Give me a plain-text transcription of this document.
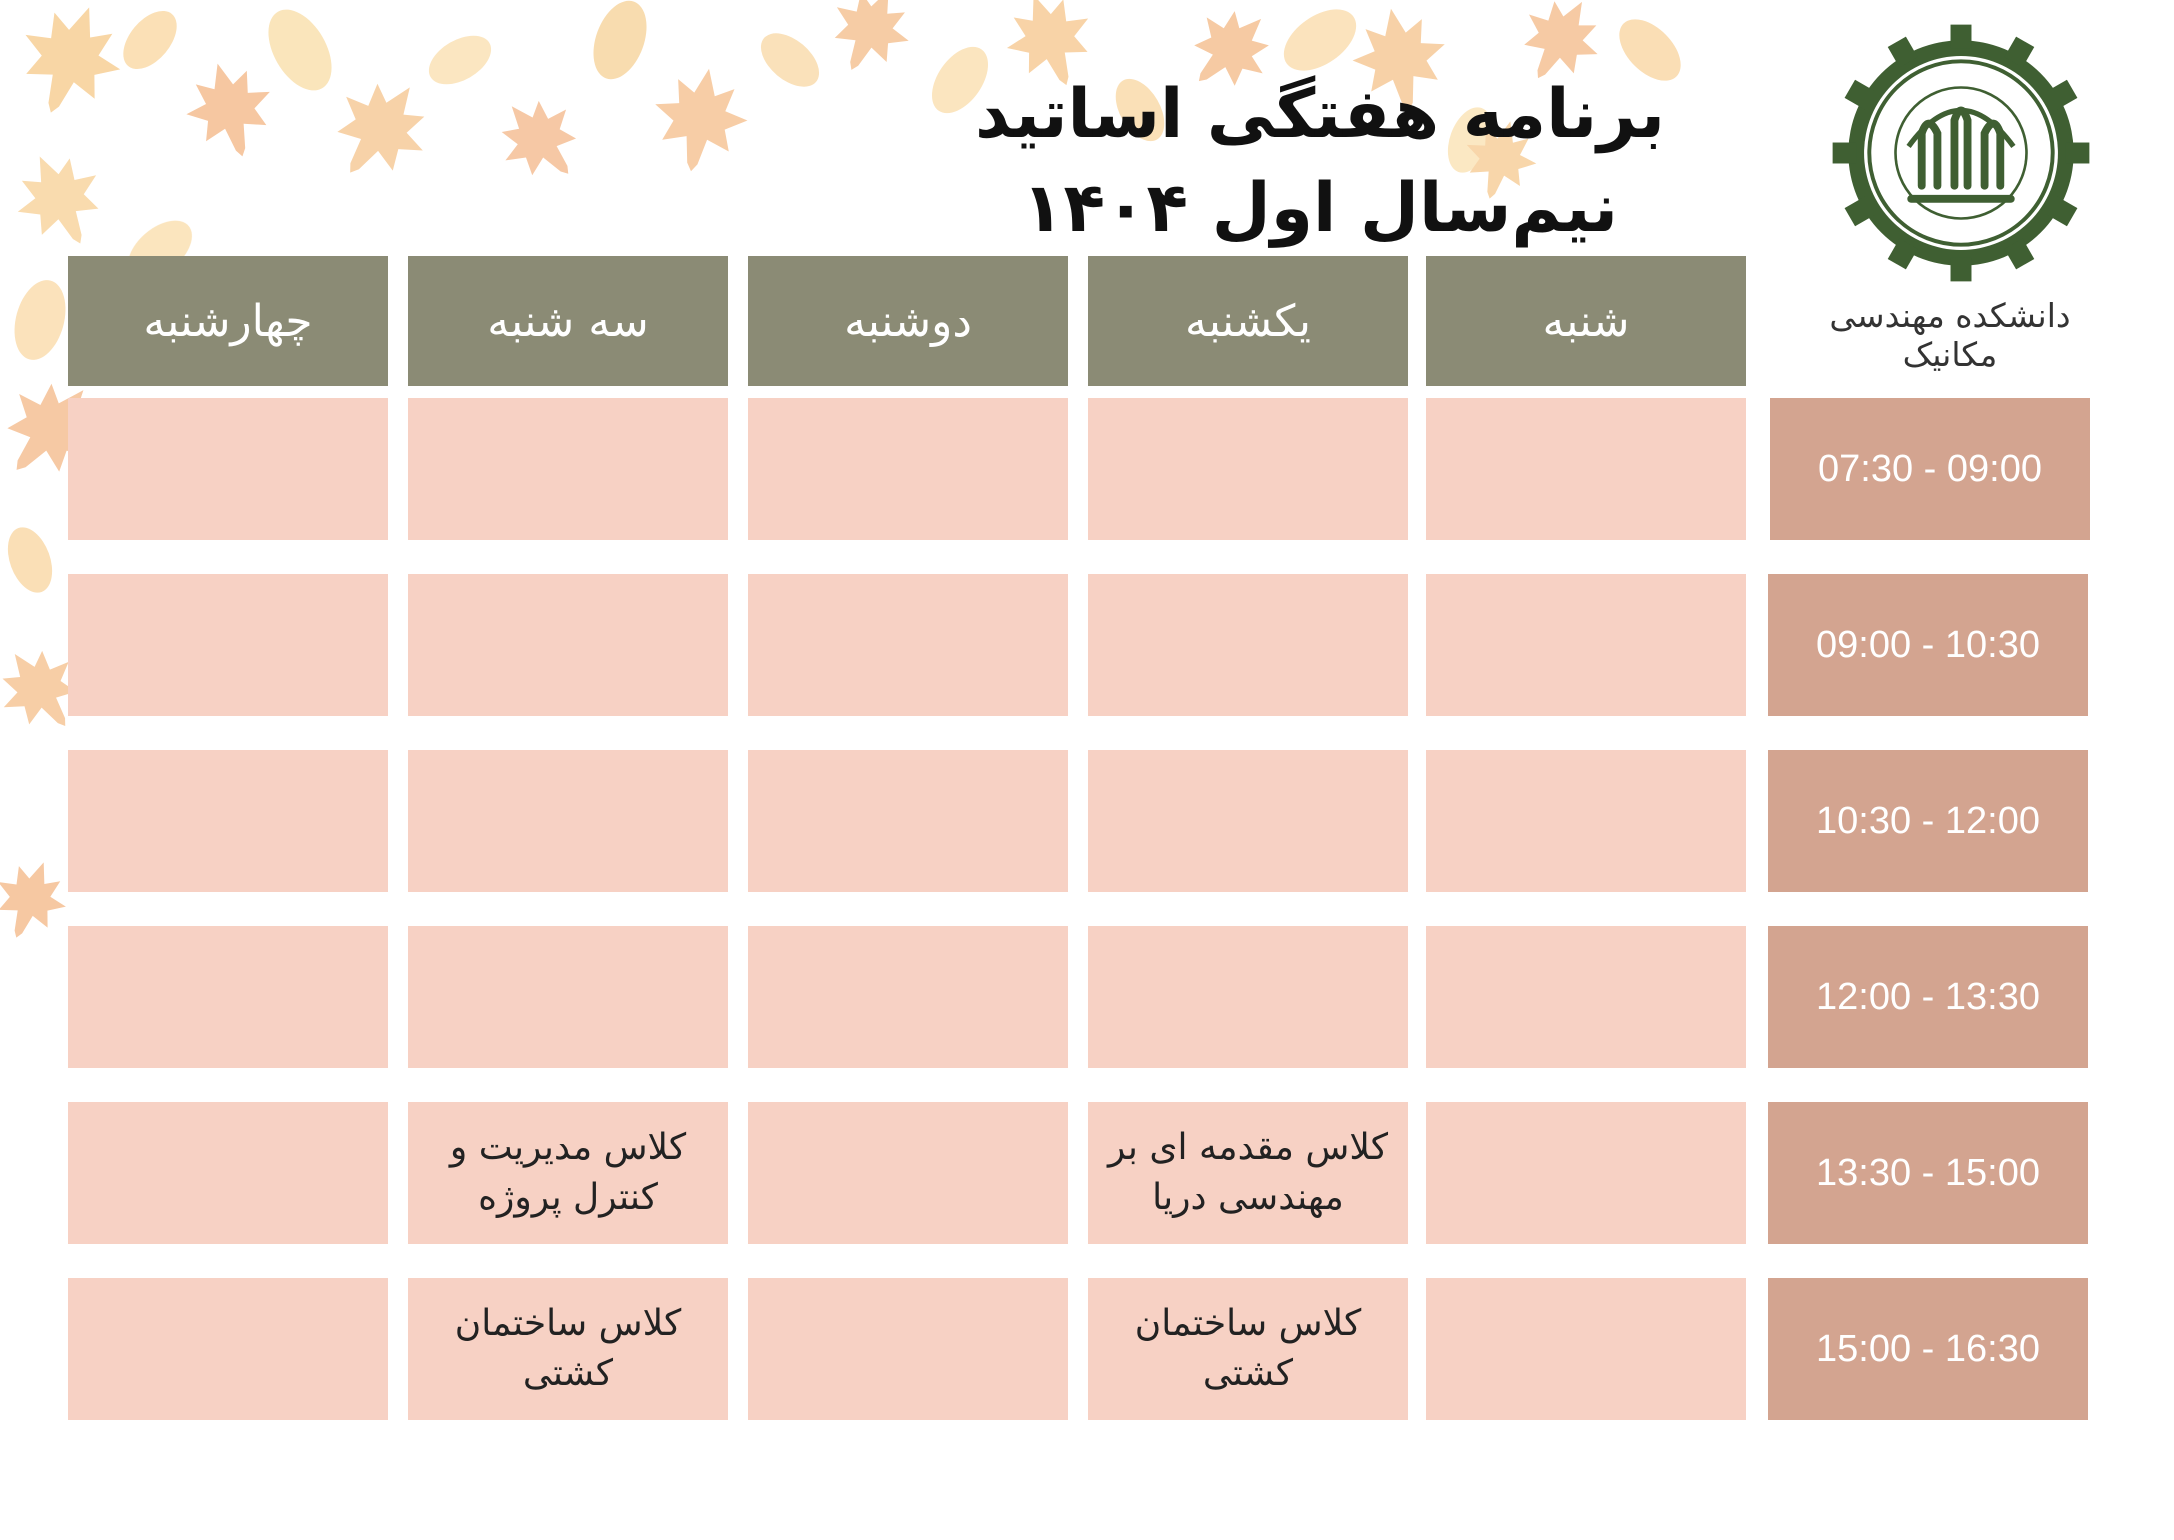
برنامه هفتگی اساتید
نیم‌سال اول ۱۴۰۴
دانشکده مهندسی مکانیک
شنبه
یکشنبه
دوشنبه
سه شنبه
چهارشنبه
07:30 - 09:00
09:00 - 10:30
10:30 - 12:00
12:00 - 13:30
13:30 - 15:00
15:00 - 16:30
کلاس مقدمه ای بر
مهندسی دریا
کلاس مدیریت و
کنترل پروژه
کلاس ساختمان
کشتی
کلاس ساختمان
کشتی
